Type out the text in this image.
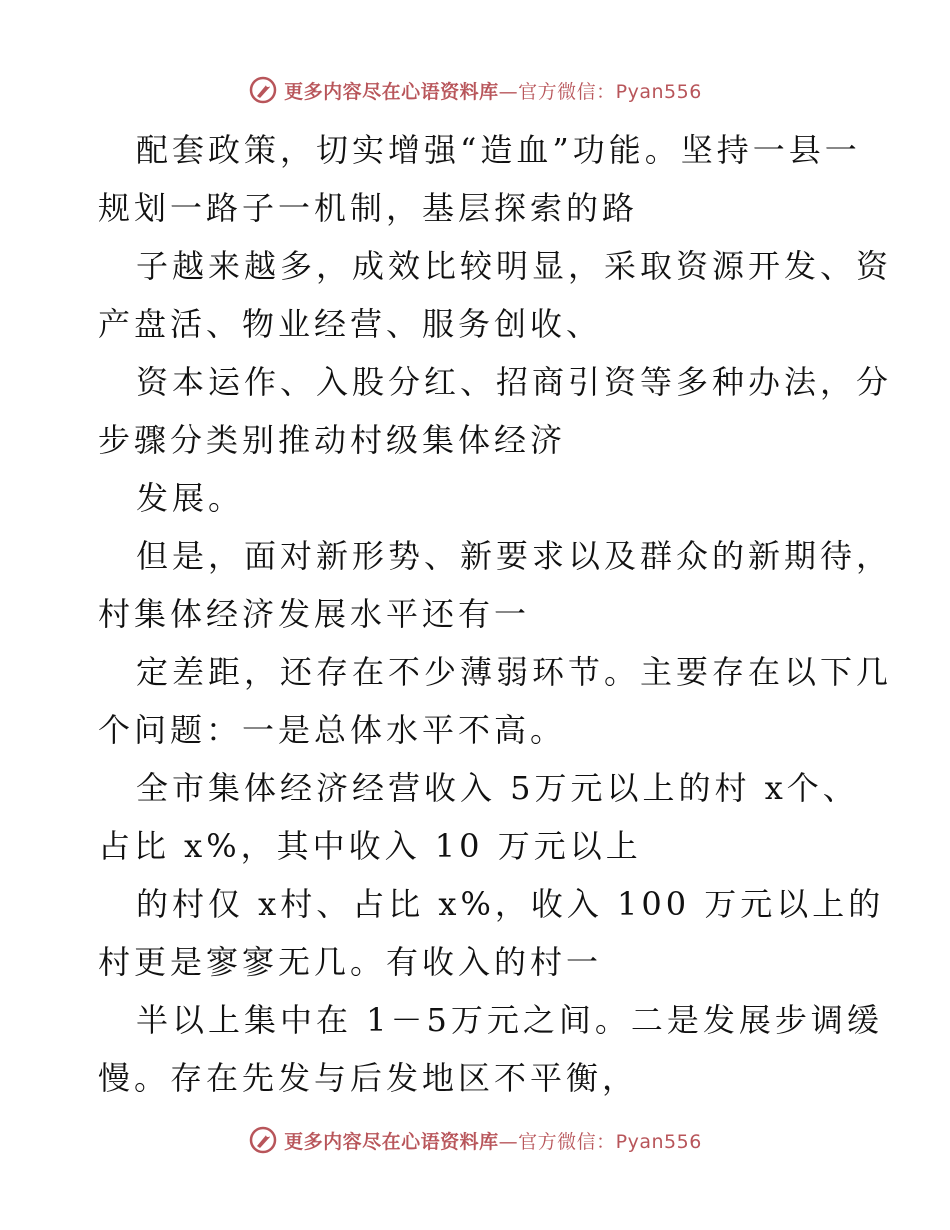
更多内容尽在心语资料库—官方微信：Pyan556
配套政策，切实增强“造血”功能。坚持一县一
规划一路子一机制，基层探索的路
子越来越多，成效比较明显，采取资源开发、资
产盘活、物业经营、服务创收、
资本运作、入股分红、招商引资等多种办法，分
步骤分类别推动村级集体经济
发展。
但是，面对新形势、新要求以及群众的新期待，
村集体经济发展水平还有一
定差距，还存在不少薄弱环节。主要存在以下几
个问题：一是总体水平不高。
全市集体经济经营收入 5万元以上的村 x个、
占比 x%，其中收入 10 万元以上
的村仅 x村、占比 x%，收入 100 万元以上的
村更是寥寥无几。有收入的村一
半以上集中在 1－5万元之间。二是发展步调缓
慢。存在先发与后发地区不平衡，
更多内容尽在心语资料库—官方微信：Pyan556
